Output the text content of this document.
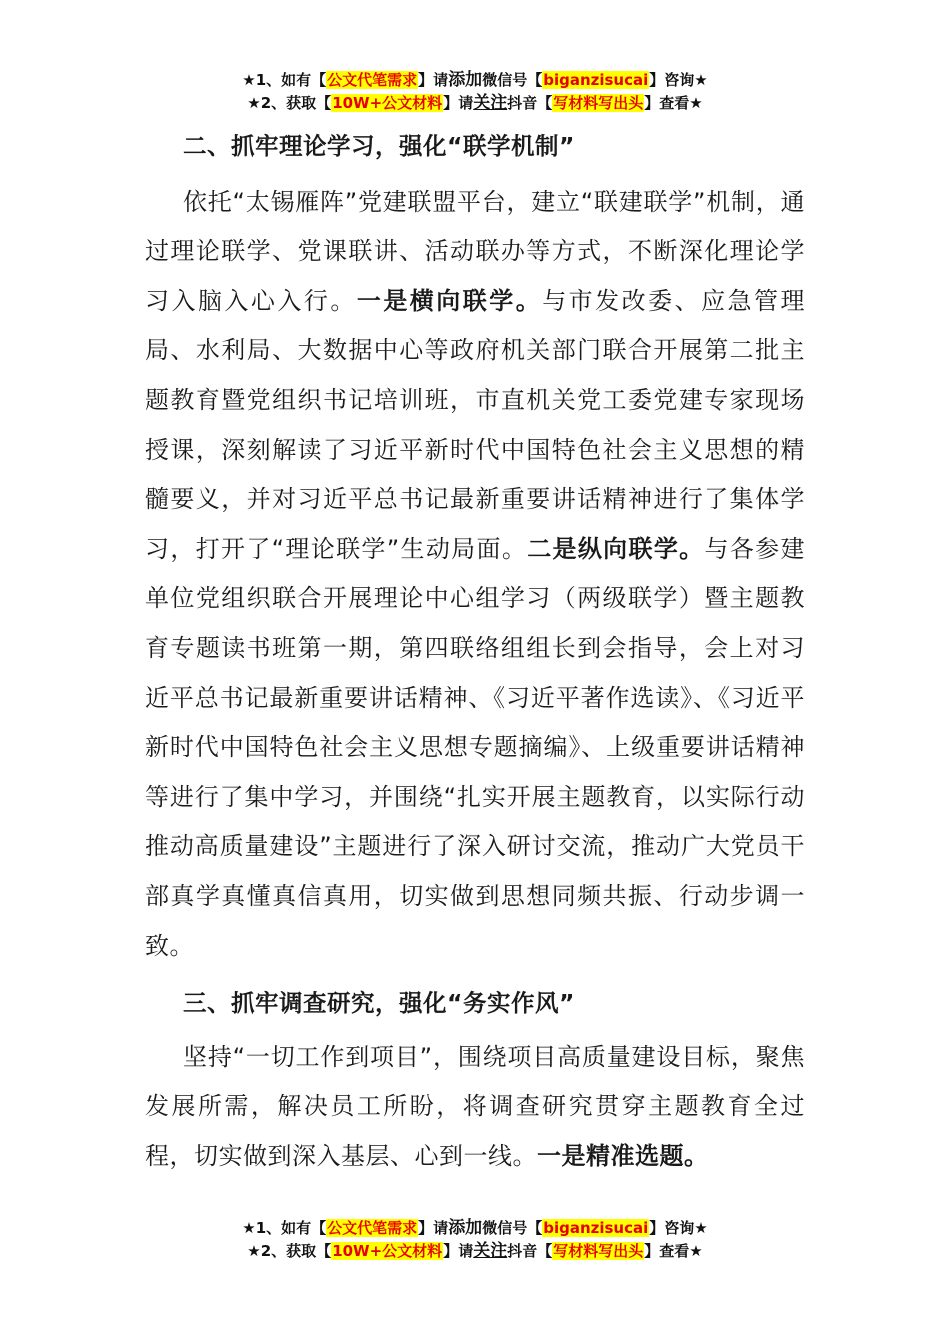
★1、如有【公文代笔需求】请添加微信号【biganzisucai】咨询★
★2、获取【10W+公文材料】请关注抖音【写材料写出头】查看★

二、抓牢理论学习，强化“联学机制”

依托“太锡雁阵”党建联盟平台，建立“联建联学”机制，通过理论联学、党课联讲、活动联办等方式，不断深化理论学习入脑入心入行。一是横向联学。与市发改委、应急管理局、水利局、大数据中心等政府机关部门联合开展第二批主题教育暨党组织书记培训班，市直机关党工委党建专家现场授课，深刻解读了习近平新时代中国特色社会主义思想的精髓要义，并对习近平总书记最新重要讲话精神进行了集体学习，打开了“理论联学”生动局面。二是纵向联学。与各参建单位党组织联合开展理论中心组学习（两级联学）暨主题教育专题读书班第一期，第四联络组组长到会指导，会上对习近平总书记最新重要讲话精神、《习近平著作选读》、《习近平新时代中国特色社会主义思想专题摘编》、上级重要讲话精神等进行了集中学习，并围绕“扎实开展主题教育，以实际行动推动高质量建设”主题进行了深入研讨交流，推动广大党员干部真学真懂真信真用，切实做到思想同频共振、行动步调一致。

三、抓牢调查研究，强化“务实作风”

坚持“一切工作到项目”，围绕项目高质量建设目标，聚焦发展所需，解决员工所盼，将调查研究贯穿主题教育全过程，切实做到深入基层、心到一线。一是精准选题。

★1、如有【公文代笔需求】请添加微信号【biganzisucai】咨询★
★2、获取【10W+公文材料】请关注抖音【写材料写出头】查看★
